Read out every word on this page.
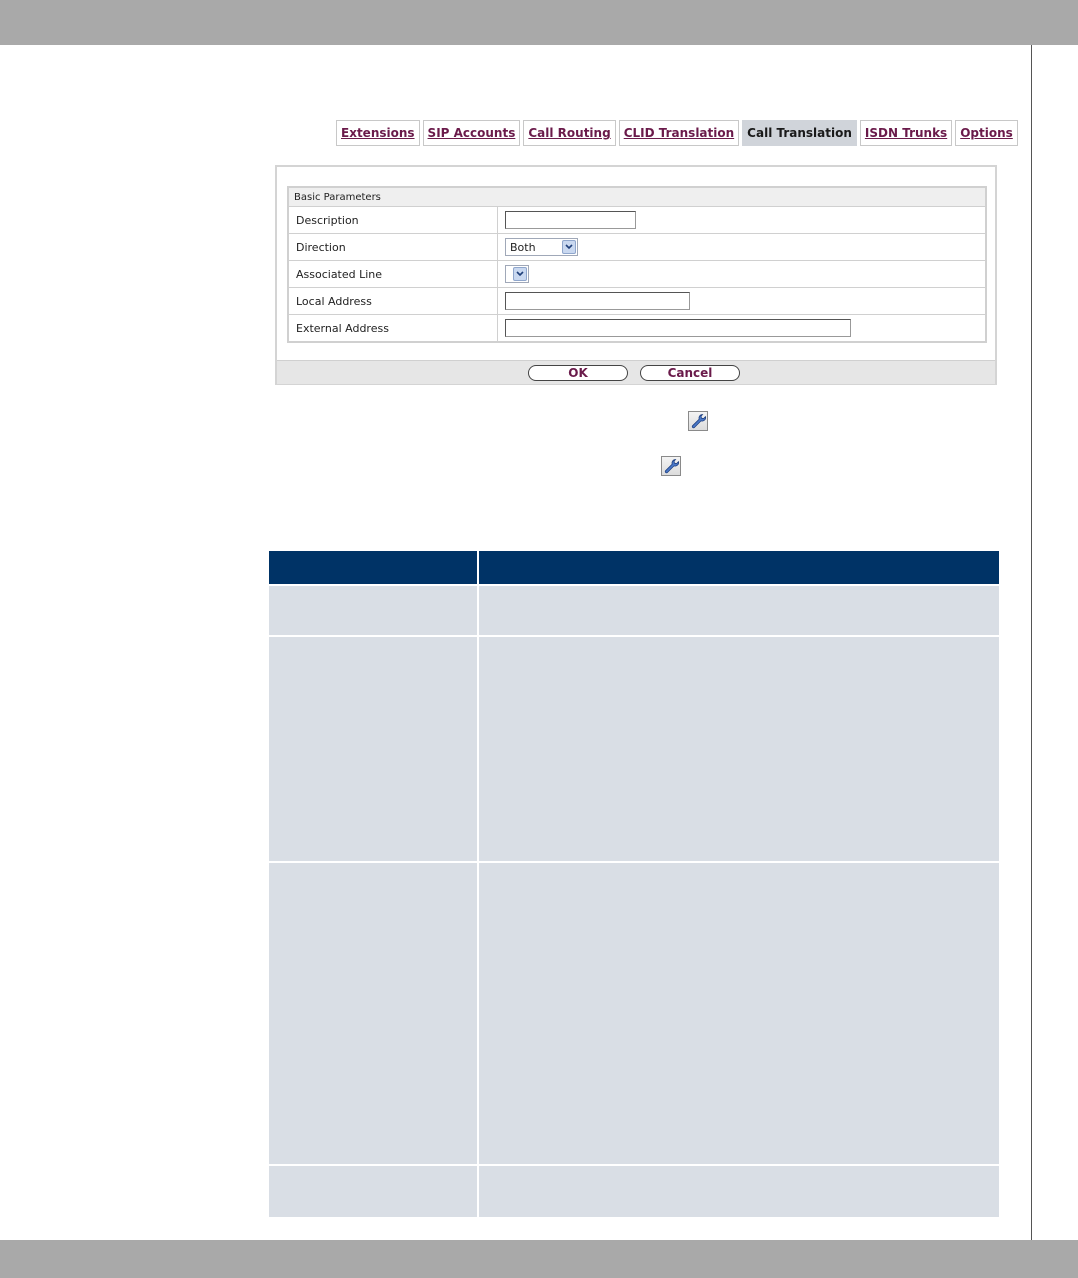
Extensions	SIP Accounts	Call Routing	CLID Translation	Call Translation	ISDN Trunks	Options
Basic Parameters	
Description	

Direction	Both

Associated Line	

Local Address	

External Address	
OK	Cancel
